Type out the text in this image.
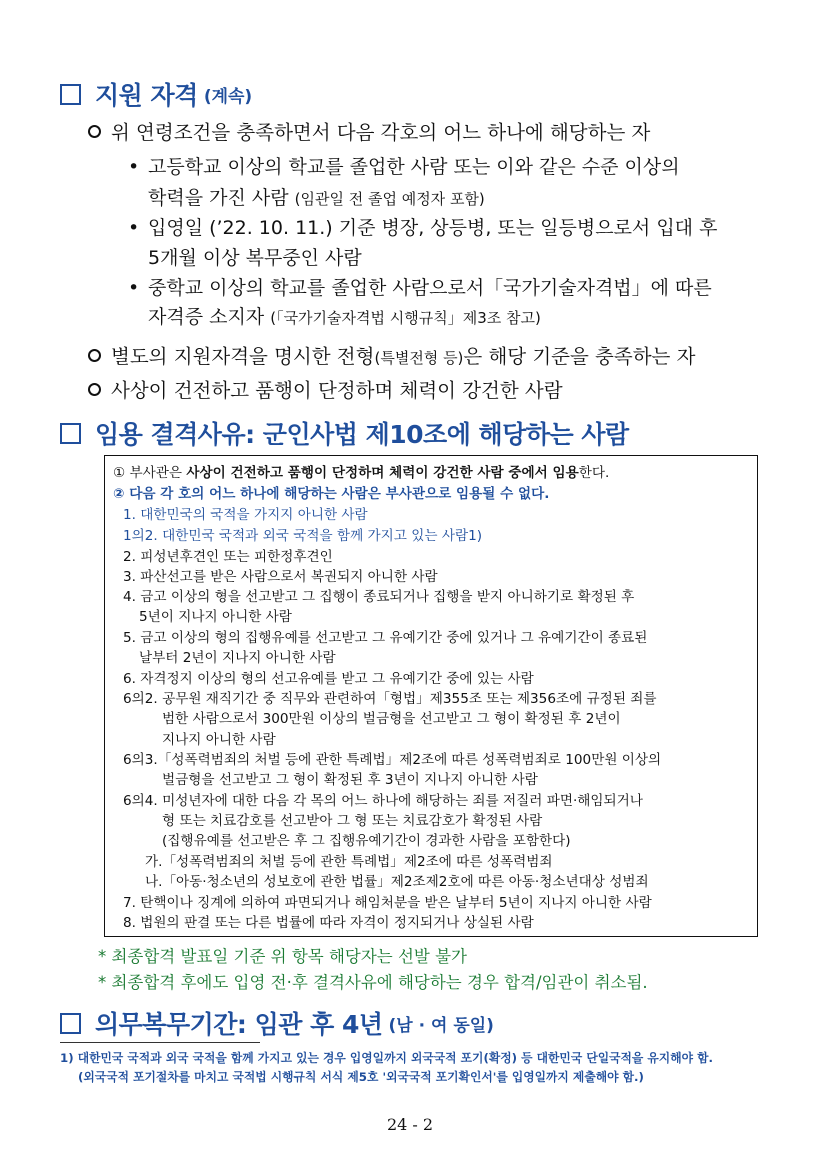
지원 자격 (계속)
위 연령조건을 충족하면서 다음 각호의 어느 하나에 해당하는 자
• 고등학교 이상의 학교를 졸업한 사람 또는 이와 같은 수준 이상의
학력을 가진 사람 (임관일 전 졸업 예정자 포함)
• 입영일 (’22. 10. 11.) 기준 병장, 상등병, 또는 일등병으로서 입대 후
5개월 이상 복무중인 사람
• 중학교 이상의 학교를 졸업한 사람으로서「국가기술자격법」에 따른
자격증 소지자 (「국가기술자격법 시행규칙」제3조 참고)
별도의 지원자격을 명시한 전형(특별전형 등)은 해당 기준을 충족하는 자
사상이 건전하고 품행이 단정하며 체력이 강건한 사람
임용 결격사유: 군인사법 제10조에 해당하는 사람
① 부사관은 사상이 건전하고 품행이 단정하며 체력이 강건한 사람 중에서 임용한다.
② 다음 각 호의 어느 하나에 해당하는 사람은 부사관으로 임용될 수 없다.
1. 대한민국의 국적을 가지지 아니한 사람
1의2. 대한민국 국적과 외국 국적을 함께 가지고 있는 사람1)
2. 피성년후견인 또는 피한정후견인
3. 파산선고를 받은 사람으로서 복권되지 아니한 사람
4. 금고 이상의 형을 선고받고 그 집행이 종료되거나 집행을 받지 아니하기로 확정된 후
5년이 지나지 아니한 사람
5. 금고 이상의 형의 집행유예를 선고받고 그 유예기간 중에 있거나 그 유예기간이 종료된
날부터 2년이 지나지 아니한 사람
6. 자격정지 이상의 형의 선고유예를 받고 그 유예기간 중에 있는 사람
6의2. 공무원 재직기간 중 직무와 관련하여「형법」제355조 또는 제356조에 규정된 죄를
범한 사람으로서 300만원 이상의 벌금형을 선고받고 그 형이 확정된 후 2년이
지나지 아니한 사람
6의3.「성폭력범죄의 처벌 등에 관한 특례법」제2조에 따른 성폭력범죄로 100만원 이상의
벌금형을 선고받고 그 형이 확정된 후 3년이 지나지 아니한 사람
6의4. 미성년자에 대한 다음 각 목의 어느 하나에 해당하는 죄를 저질러 파면·해임되거나
형 또는 치료감호를 선고받아 그 형 또는 치료감호가 확정된 사람
(집행유예를 선고받은 후 그 집행유예기간이 경과한 사람을 포함한다)
가.「성폭력범죄의 처벌 등에 관한 특례법」제2조에 따른 성폭력범죄
나.「아동·청소년의 성보호에 관한 법률」제2조제2호에 따른 아동·청소년대상 성범죄
7. 탄핵이나 징계에 의하여 파면되거나 해임처분을 받은 날부터 5년이 지나지 아니한 사람
8. 법원의 판결 또는 다른 법률에 따라 자격이 정지되거나 상실된 사람
* 최종합격 발표일 기준 위 항목 해당자는 선발 불가
* 최종합격 후에도 입영 전·후 결격사유에 해당하는 경우 합격/임관이 취소됨.
의무복무기간: 임관 후 4년 (남 · 여 동일)
1) 대한민국 국적과 외국 국적을 함께 가지고 있는 경우 입영일까지 외국국적 포기(확정) 등 대한민국 단일국적을 유지해야 함.
(외국국적 포기절차를 마치고 국적법 시행규칙 서식 제5호 '외국국적 포기확인서'를 입영일까지 제출해야 함.)
24 - 2
